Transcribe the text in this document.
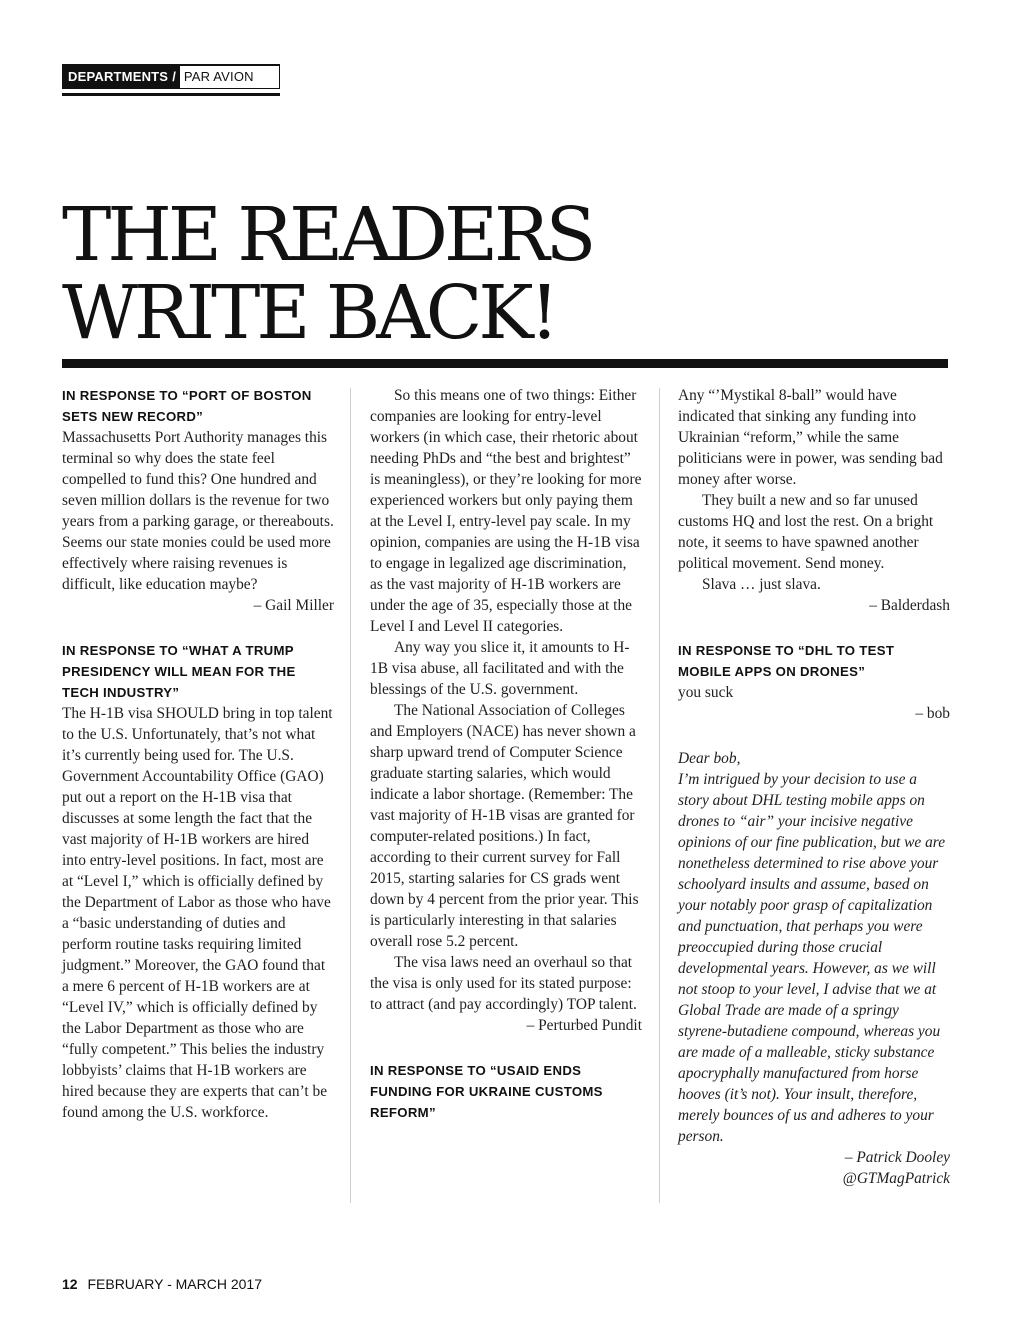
DEPARTMENTS / PAR AVION
THE READERS
WRITE BACK!

IN RESPONSE TO “PORT OF BOSTON SETS NEW RECORD”

Massachusetts Port Authority manages this terminal so why does the state feel compelled to fund this? One hundred and seven million dollars is the revenue for two years from a parking garage, or thereabouts. Seems our state monies could be used more effectively where raising revenues is difficult, like education maybe?

– Gail Miller

IN RESPONSE TO “WHAT A TRUMP PRESIDENCY WILL MEAN FOR THE TECH INDUSTRY”

The H-1B visa SHOULD bring in top talent to the U.S. Unfortunately, that’s not what it’s currently being used for. The U.S. Government Accountability Office (GAO) put out a report on the H-1B visa that discusses at some length the fact that the vast majority of H-1B workers are hired into entry-level positions. In fact, most are at “Level I,” which is officially defined by the Department of Labor as those who have a “basic understanding of duties and perform routine tasks requiring limited judgment.” Moreover, the GAO found that a mere 6 percent of H-1B workers are at “Level IV,” which is officially defined by the Labor Department as those who are “fully competent.” This belies the industry lobbyists’ claims that H-1B workers are hired because they are experts that can’t be found among the U.S. workforce.

So this means one of two things: Either companies are looking for entry-level workers (in which case, their rhetoric about needing PhDs and “the best and brightest” is meaningless), or they’re looking for more experienced workers but only paying them at the Level I, entry-level pay scale. In my opinion, companies are using the H-1B visa to engage in legalized age discrimination, as the vast majority of H-1B workers are under the age of 35, especially those at the Level I and Level II categories.

Any way you slice it, it amounts to H-1B visa abuse, all facilitated and with the blessings of the U.S. government.

The National Association of Colleges and Employers (NACE) has never shown a sharp upward trend of Computer Science graduate starting salaries, which would indicate a labor shortage. (Remember: The vast majority of H-1B visas are granted for computer-related positions.) In fact, according to their current survey for Fall 2015, starting salaries for CS grads went down by 4 percent from the prior year. This is particularly interesting in that salaries overall rose 5.2 percent.

The visa laws need an overhaul so that the visa is only used for its stated purpose: to attract (and pay accordingly) TOP talent.

– Perturbed Pundit

IN RESPONSE TO “USAID ENDS FUNDING FOR UKRAINE CUSTOMS REFORM”

Any “’Mystikal 8-ball” would have indicated that sinking any funding into Ukrainian “reform,” while the same politicians were in power, was sending bad money after worse.

They built a new and so far unused customs HQ and lost the rest. On a bright note, it seems to have spawned another political movement. Send money.

Slava … just slava.

– Balderdash

IN RESPONSE TO “DHL TO TEST MOBILE APPS ON DRONES”

you suck

– bob

Dear bob,

I’m intrigued by your decision to use a story about DHL testing mobile apps on drones to “air” your incisive negative opinions of our fine publication, but we are nonetheless determined to rise above your schoolyard insults and assume, based on your notably poor grasp of capitalization and punctuation, that perhaps you were preoccupied during those crucial developmental years. However, as we will not stoop to your level, I advise that we at Global Trade are made of a springy styrene-butadiene compound, whereas you are made of a malleable, sticky substance apocryphally manufactured from horse hooves (it’s not). Your insult, therefore, merely bounces of us and adheres to your person.

– Patrick Dooley

@GTMagPatrick

12 FEBRUARY - MARCH 2017
